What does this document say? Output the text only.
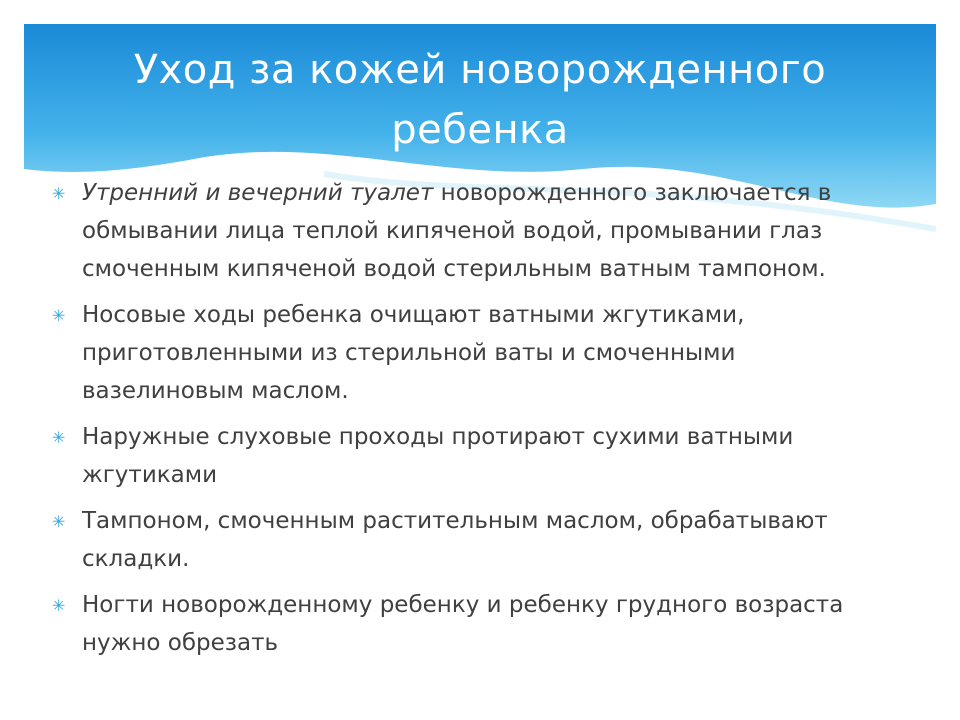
Уход за кожей новорожденного
ребенка
✳ Утренний и вечерний туалет новорожденного заключается в обмывании лица теплой кипяченой водой, промывании глаз смоченным кипяченой водой стерильным ватным тампоном.
✳ Носовые ходы ребенка очищают ватными жгутиками, приготовленными из стерильной ваты и смоченными вазелиновым маслом.
✳ Наружные слуховые проходы протирают сухими ватными жгутиками
✳ Тампоном, смоченным растительным маслом, обрабатывают складки.
✳ Ногти новорожденному ребенку и ребенку грудного возраста нужно обрезать
